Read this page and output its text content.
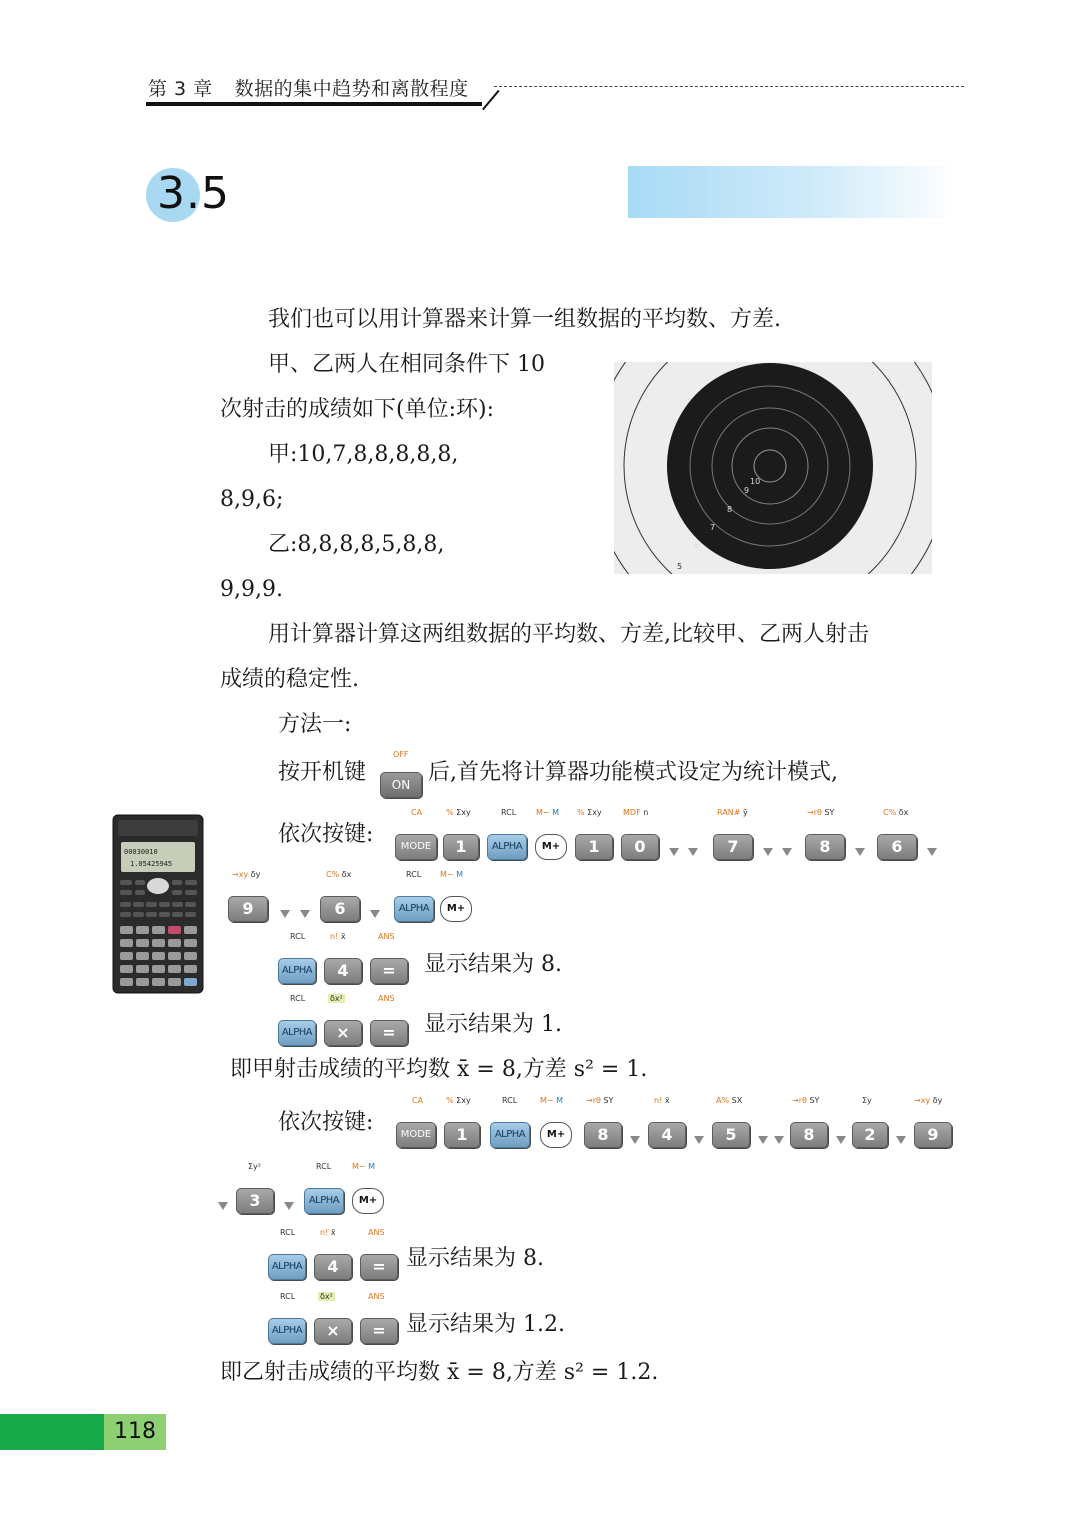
第 3 章 数据的集中趋势和离散程度
3.5
我们也可以用计算器来计算一组数据的平均数、方差.
甲、乙两人在相同条件下 10
次射击的成绩如下(单位:环):
甲:10,7,8,8,8,8,8,
8,9,6;
乙:8,8,8,8,5,8,8,
9,9,9.
用计算器计算这两组数据的平均数、方差,比较甲、乙两人射击
成绩的稳定性.
方法一:
10
9
8
7
6
5
按开机键
OFF
ON 后,首先将计算器功能模式设定为统计模式,
00030010
1.05425945
依次按键:
CA
MODE
% Σxy
1
RCL
ALPHA
M− M
M+
% Σxy
1
MDF n
0
RAN# ȳ
7
→rθ SY
8
C% δx
6
→xy δy
9
C% δx
6
RCL
ALPHA
M− M
M+
RCL
ALPHA
n! x̄
4
ANS
=	显示结果为 8.
RCL
ALPHA
δx²
×
ANS
=	显示结果为 1.
即甲射击成绩的平均数 x̄ = 8,方差 s² = 1.
依次按键:
CA
MODE
% Σxy
1
RCL
ALPHA
M− M
M+
→rθ SY
8
n! x̄
4
A% SX
5
→rθ SY
8
Σy
2
→xy δy
9
Σy²
3
RCL
ALPHA
M− M
M+
RCL
ALPHA
n! x̄
4
ANS
= 显示结果为 8.
RCL
ALPHA
δx²
×
ANS
= 显示结果为 1.2.
即乙射击成绩的平均数 x̄ = 8,方差 s² = 1.2.
118
